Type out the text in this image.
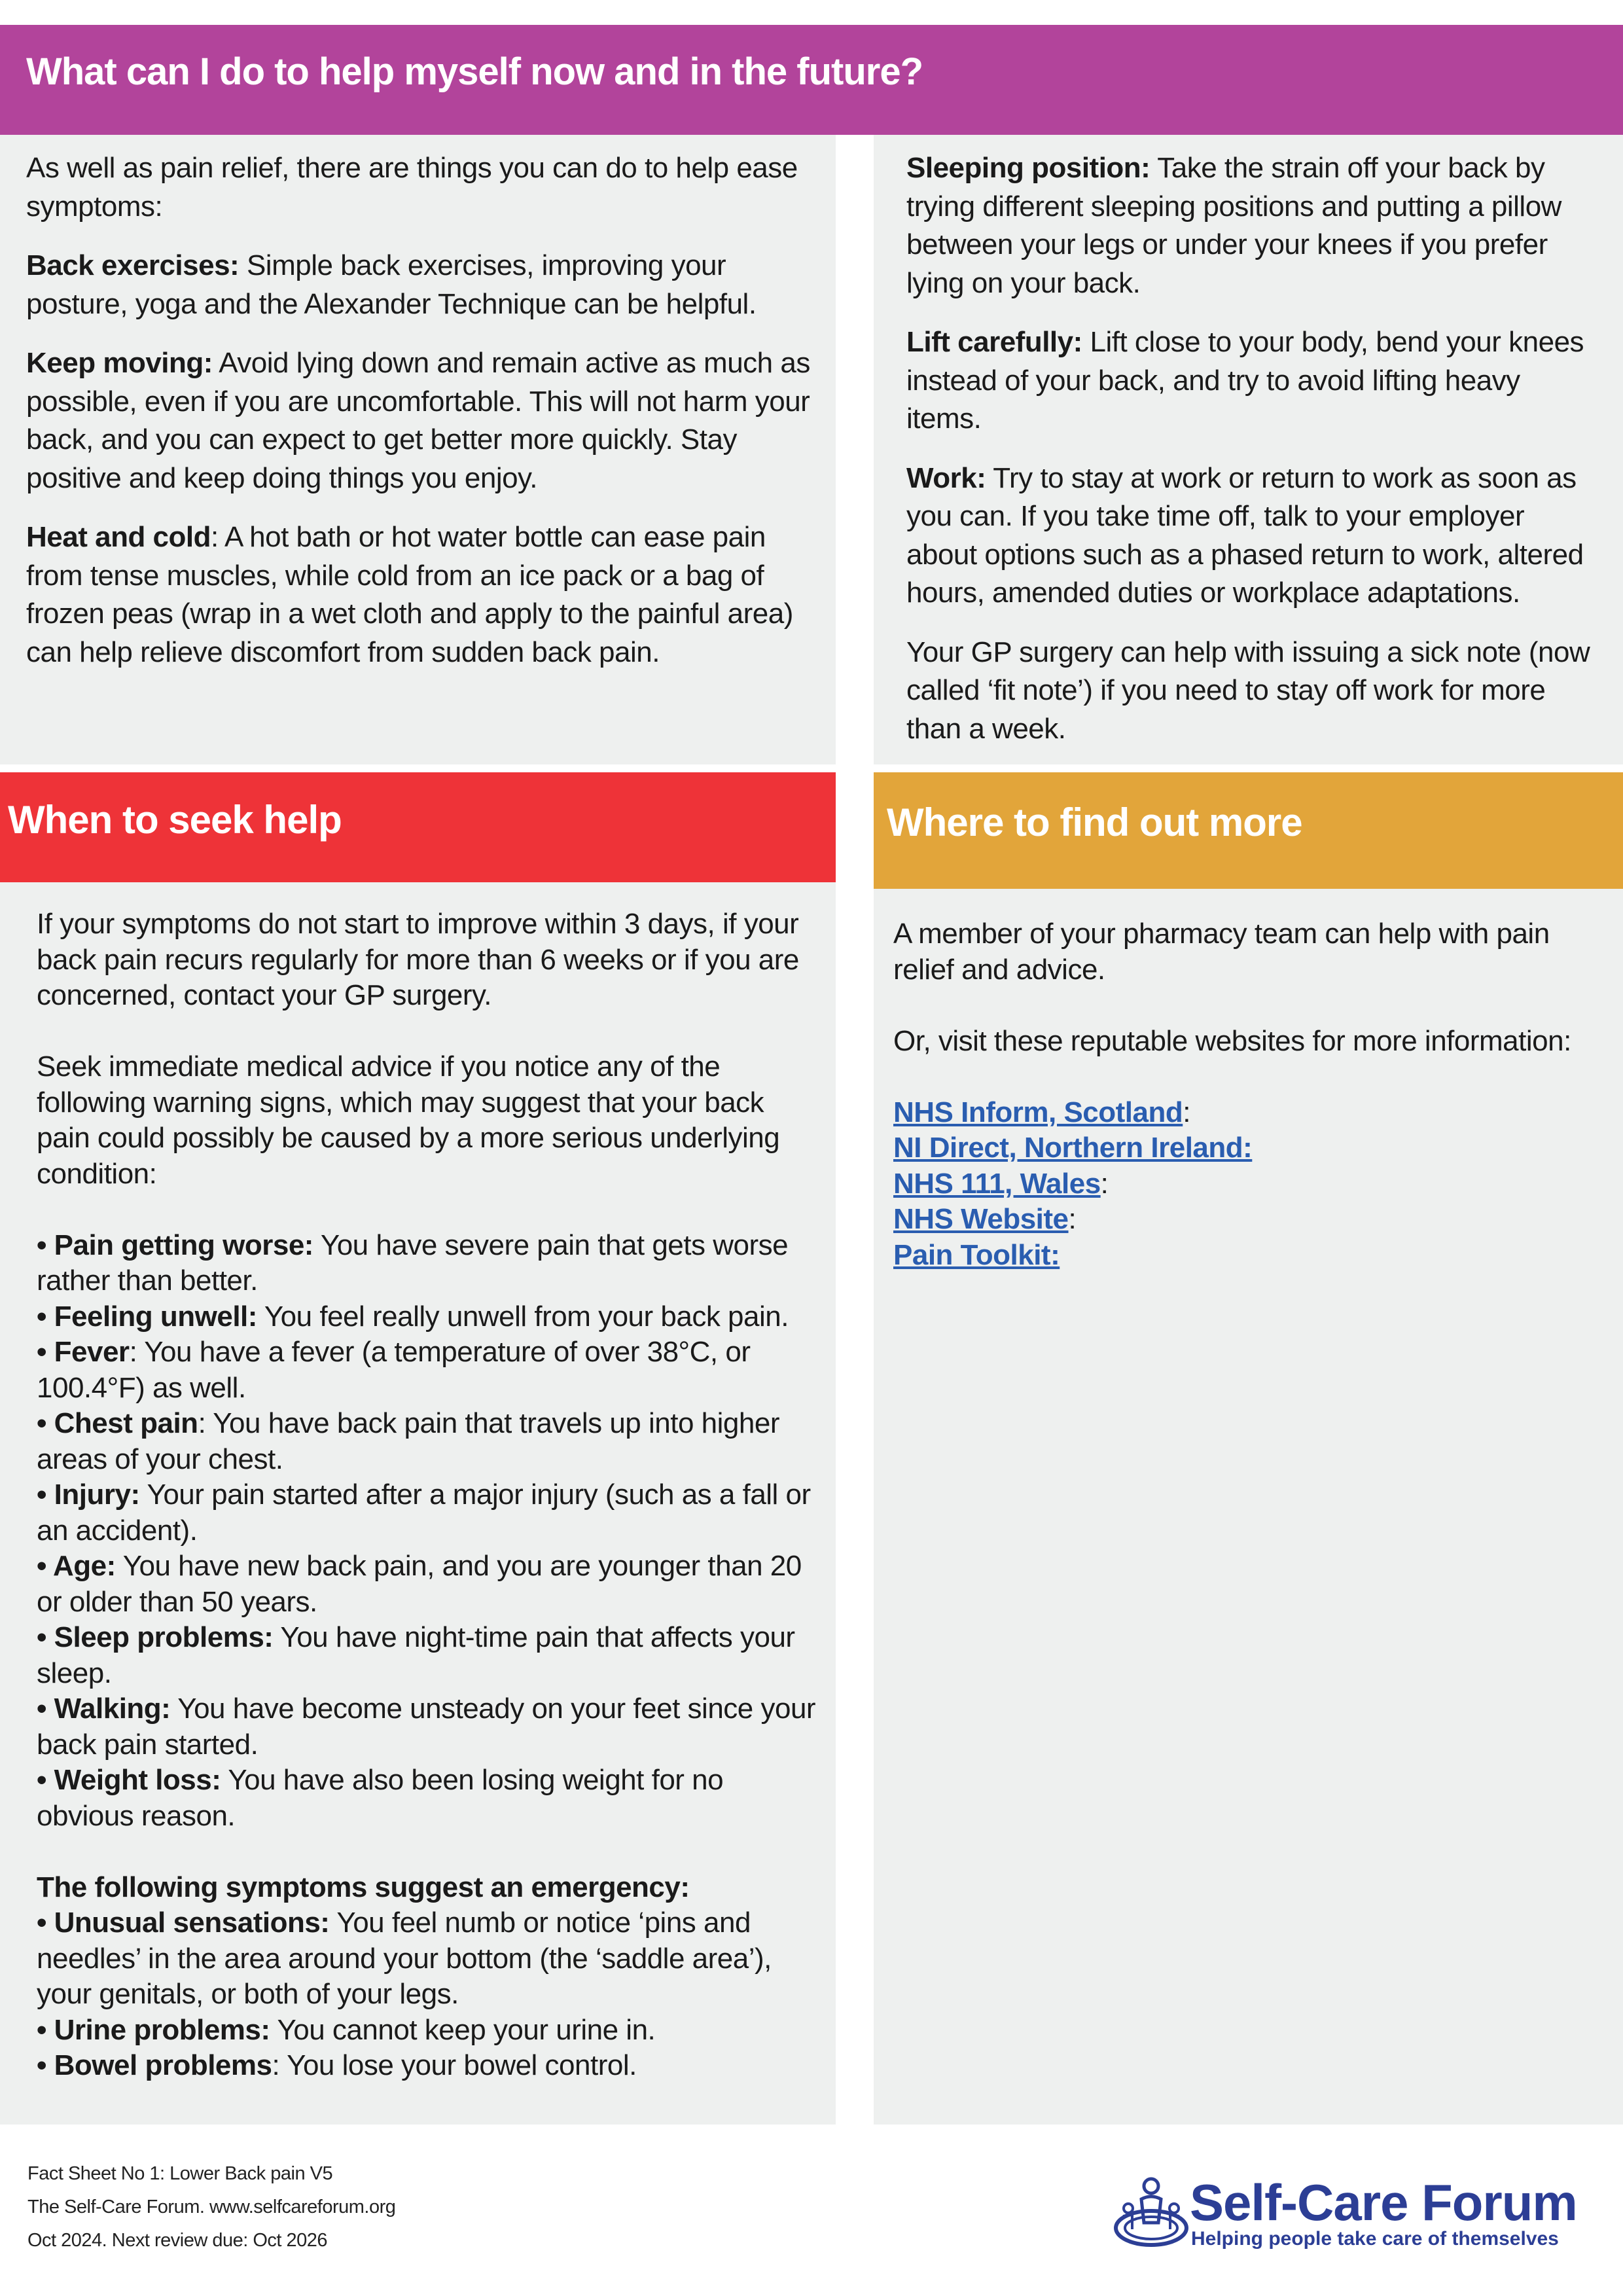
What can I do to help myself now and in the future?

As well as pain relief, there are things you can do to help ease symptoms:

Back exercises: Simple back exercises, improving your posture, yoga and the Alexander Technique can be helpful.

Keep moving: Avoid lying down and remain active as much as possible, even if you are uncomfortable. This will not harm your back, and you can expect to get better more quickly. Stay positive and keep doing things you enjoy.

Heat and cold: A hot bath or hot water bottle can ease pain from tense muscles, while cold from an ice pack or a bag of frozen peas (wrap in a wet cloth and apply to the painful area) can help relieve discomfort from sudden back pain.

Sleeping position: Take the strain off your back by trying different sleeping positions and putting a pillow between your legs or under your knees if you prefer lying on your back.

Lift carefully: Lift close to your body, bend your knees instead of your back, and try to avoid lifting heavy items.

Work: Try to stay at work or return to work as soon as you can. If you take time off, talk to your employer about options such as a phased return to work, altered hours, amended duties or workplace adaptations.

Your GP surgery can help with issuing a sick note (now called ‘fit note’) if you need to stay off work for more than a week.

When to seek help	Where to find out more
If your symptoms do not start to improve within 3 days, if your back pain recurs regularly for more than 6 weeks or if you are concerned, contact your GP surgery.
Seek immediate medical advice if you notice any of the following warning signs, which may suggest that your back pain could possibly be caused by a more serious underlying condition:
• Pain getting worse: You have severe pain that gets worse rather than better.
• Feeling unwell: You feel really unwell from your back pain.
• Fever: You have a fever (a temperature of over 38°C, or 100.4°F) as well.
• Chest pain: You have back pain that travels up into higher areas of your chest.
• Injury: Your pain started after a major injury (such as a fall or an accident).
• Age: You have new back pain, and you are younger than 20 or older than 50 years.
• Sleep problems: You have night-time pain that affects your sleep.
• Walking: You have become unsteady on your feet since your back pain started.
• Weight loss: You have also been losing weight for no obvious reason.
The following symptoms suggest an emergency:
• Unusual sensations: You feel numb or notice ‘pins and needles’ in the area around your bottom (the ‘saddle area’), your genitals, or both of your legs.
• Urine problems: You cannot keep your urine in.
• Bowel problems: You lose your bowel control.
A member of your pharmacy team can help with pain relief and advice.
Or, visit these reputable websites for more information:
NHS Inform, Scotland:
NI Direct, Northern Ireland:
NHS 111, Wales:
NHS Website:
Pain Toolkit:
Fact Sheet No 1: Lower Back pain V5
The Self-Care Forum. www.selfcareforum.org
Oct 2024. Next review due: Oct 2026
Self-Care Forum
Helping people take care of themselves
